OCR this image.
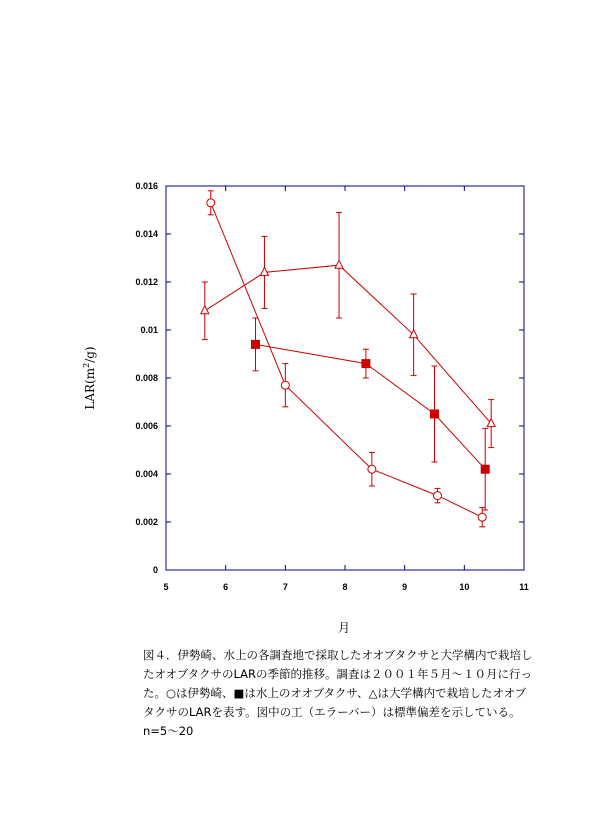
0
0.002
0.004
0.006
0.008
0.01
0.012
0.014
0.016
5	6	7	8	9	10	11
$LAR(m^2/g)$
月

図４．伊勢崎、水上の各調査地で採取したオオブタクサと大学構内で栽培したオオブタクサのLARの季節的推移。調査は２００１年５月～１０月に行った。○は伊勢崎、■は水上のオオブタクサ、△は大学構内で栽培したオオブタクサのLARを表す。図中の工（エラーバー）は標準偏差を示している。n=5～20
